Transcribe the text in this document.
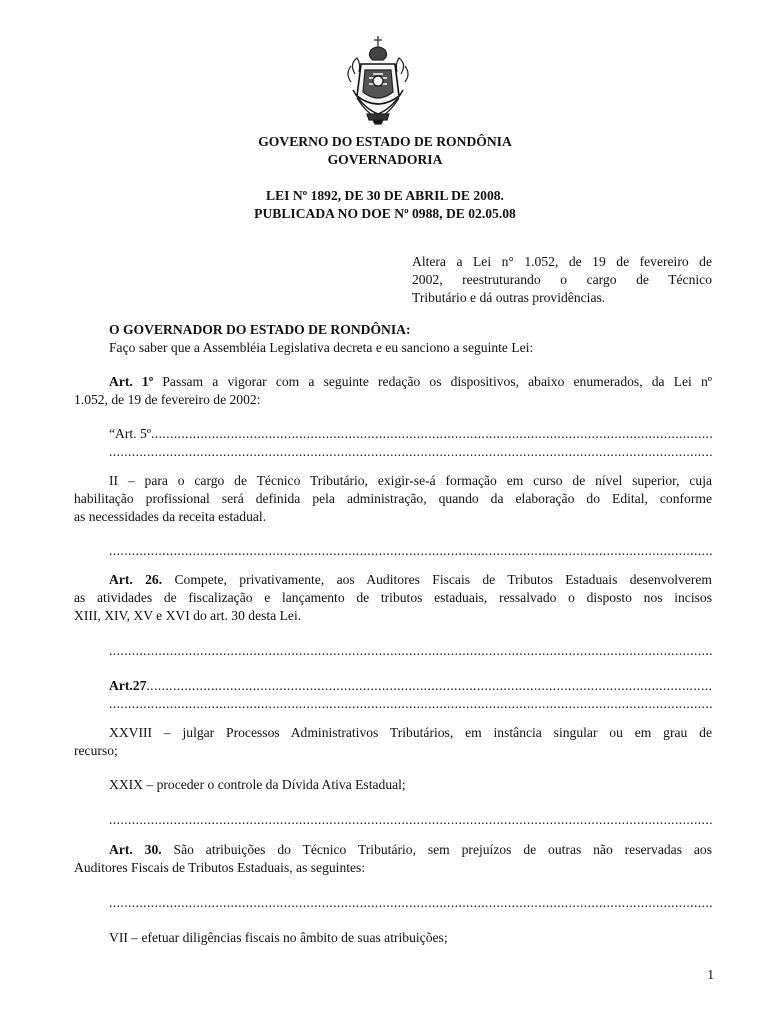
GOVERNO DO ESTADO DE RONDÔNIA
GOVERNADORIA
LEI Nº 1892, DE 30 DE ABRIL DE 2008.
PUBLICADA NO DOE Nº 0988, DE 02.05.08
Altera a Lei n° 1.052, de 19 de fevereiro de
2002, reestruturando o cargo de Técnico
Tributário e dá outras providências.
O GOVERNADOR DO ESTADO DE RONDÔNIA:
Faço saber que a Assembléia Legislativa decreta e eu sanciono a seguinte Lei:
Art. 1º Passam a vigorar com a seguinte redação os dispositivos, abaixo enumerados, da Lei nº
1.052, de 19 de fevereiro de 2002:
“Art. 5º
.....
.....
II – para o cargo de Técnico Tributário, exigir-se-á formação em curso de nível superior, cuja
habilitação profissional será definida pela administração, quando da elaboração do Edital, conforme
as necessidades da receita estadual.
.....
Art. 26. Compete, privativamente, aos Auditores Fiscais de Tributos Estaduais desenvolverem
as atividades de fiscalização e lançamento de tributos estaduais, ressalvado o disposto nos incisos
XIII, XIV, XV e XVI do art. 30 desta Lei.
.....
Art.27
.....
.....
XXVIII – julgar Processos Administrativos Tributários, em instância singular ou em grau de
recurso;
XXIX – proceder o controle da Dívida Ativa Estadual;
.....
Art. 30. São atribuições do Técnico Tributário, sem prejuízos de outras não reservadas aos
Auditores Fiscais de Tributos Estaduais, as seguintes:
.....
VII – efetuar diligências fiscais no âmbito de suas atribuições;
1
